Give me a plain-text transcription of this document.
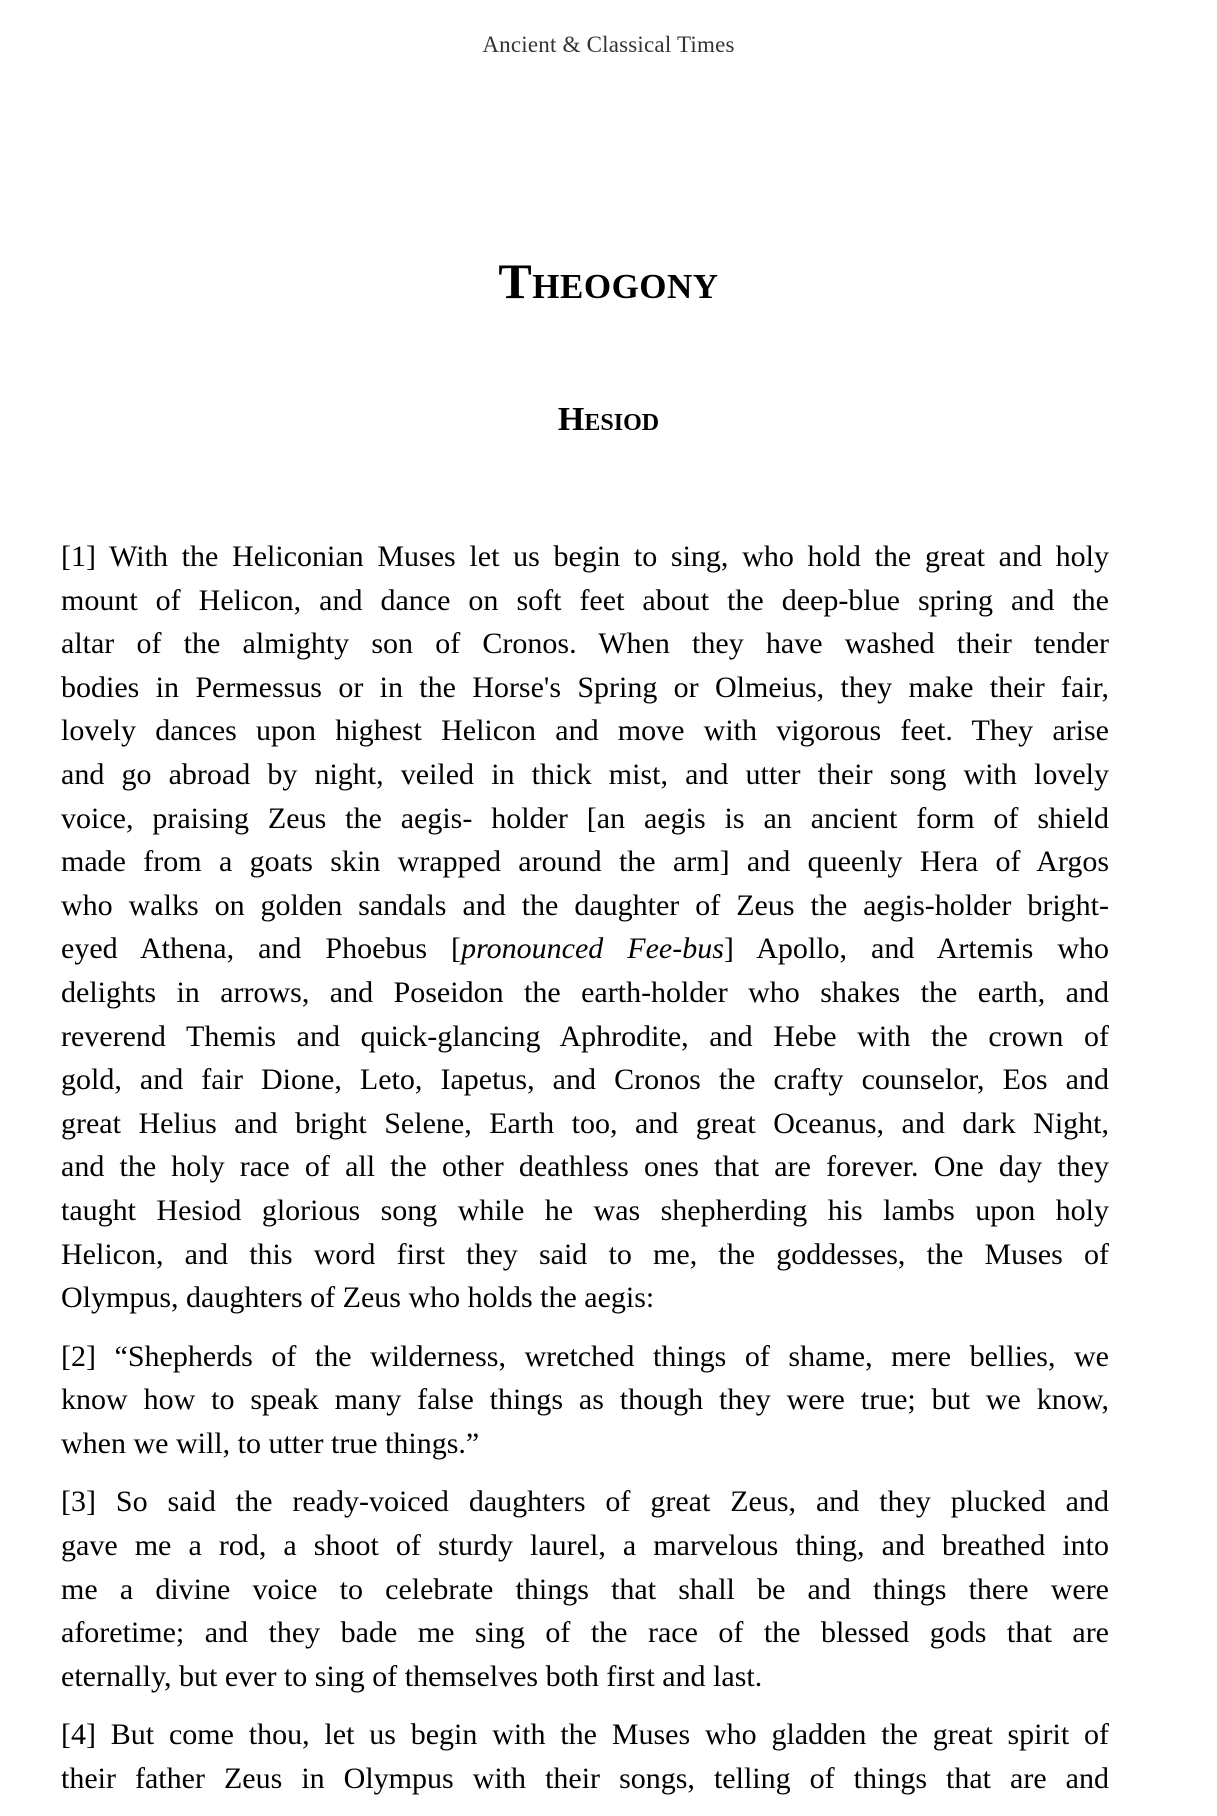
Ancient & Classical Times
Theogony
Hesiod

[1] With the Heliconian Muses let us begin to sing, who hold the great and holy
mount of Helicon, and dance on soft feet about the deep-blue spring and the
altar of the almighty son of Cronos. When they have washed their tender
bodies in Permessus or in the Horse's Spring or Olmeius, they make their fair,
lovely dances upon highest Helicon and move with vigorous feet. They arise
and go abroad by night, veiled in thick mist, and utter their song with lovely
voice, praising Zeus the aegis- holder [an aegis is an ancient form of shield
made from a goats skin wrapped around the arm] and queenly Hera of Argos
who walks on golden sandals and the daughter of Zeus the aegis-holder bright-
eyed Athena, and Phoebus [pronounced Fee-bus] Apollo, and Artemis who
delights in arrows, and Poseidon the earth-holder who shakes the earth, and
reverend Themis and quick-glancing Aphrodite, and Hebe with the crown of
gold, and fair Dione, Leto, Iapetus, and Cronos the crafty counselor, Eos and
great Helius and bright Selene, Earth too, and great Oceanus, and dark Night,
and the holy race of all the other deathless ones that are forever. One day they
taught Hesiod glorious song while he was shepherding his lambs upon holy
Helicon, and this word first they said to me, the goddesses, the Muses of
Olympus, daughters of Zeus who holds the aegis:

[2] “Shepherds of the wilderness, wretched things of shame, mere bellies, we
know how to speak many false things as though they were true; but we know,
when we will, to utter true things.”

[3] So said the ready-voiced daughters of great Zeus, and they plucked and
gave me a rod, a shoot of sturdy laurel, a marvelous thing, and breathed into
me a divine voice to celebrate things that shall be and things there were
aforetime; and they bade me sing of the race of the blessed gods that are
eternally, but ever to sing of themselves both first and last.

[4] But come thou, let us begin with the Muses who gladden the great spirit of
their father Zeus in Olympus with their songs, telling of things that are and
